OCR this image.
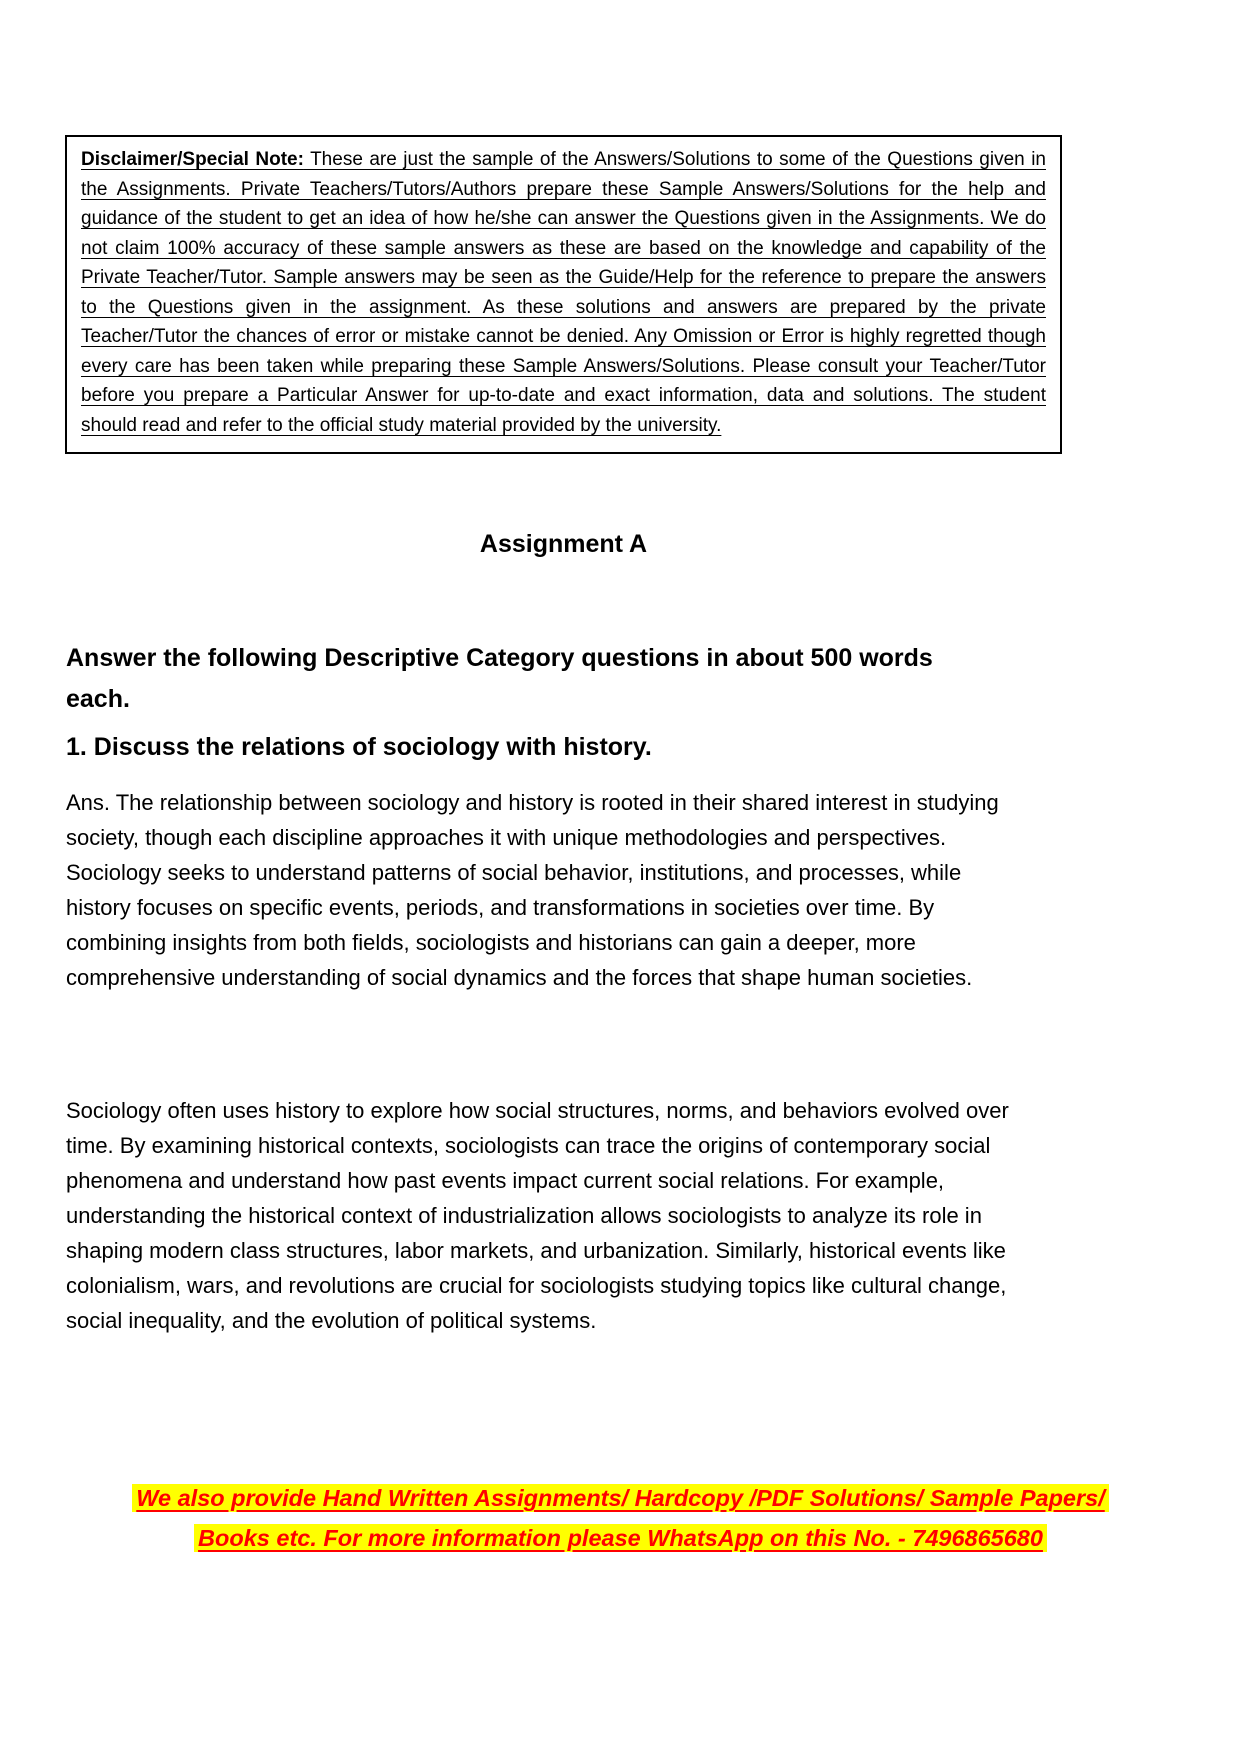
Disclaimer/Special Note: These are just the sample of the Answers/Solutions to some of the Questions given in the Assignments. Private Teachers/Tutors/Authors prepare these Sample Answers/Solutions for the help and guidance of the student to get an idea of how he/she can answer the Questions given in the Assignments. We do not claim 100% accuracy of these sample answers as these are based on the knowledge and capability of the Private Teacher/Tutor. Sample answers may be seen as the Guide/Help for the reference to prepare the answers to the Questions given in the assignment. As these solutions and answers are prepared by the private Teacher/Tutor the chances of error or mistake cannot be denied. Any Omission or Error is highly regretted though every care has been taken while preparing these Sample Answers/Solutions. Please consult your Teacher/Tutor before you prepare a Particular Answer for up-to-date and exact information, data and solutions. The student should read and refer to the official study material provided by the university.

Assignment A
Answer the following Descriptive Category questions in about 500 words each.
1. Discuss the relations of sociology with history.

Ans. The relationship between sociology and history is rooted in their shared interest in studying society, though each discipline approaches it with unique methodologies and perspectives. Sociology seeks to understand patterns of social behavior, institutions, and processes, while history focuses on specific events, periods, and transformations in societies over time. By combining insights from both fields, sociologists and historians can gain a deeper, more comprehensive understanding of social dynamics and the forces that shape human societies.

Sociology often uses history to explore how social structures, norms, and behaviors evolved over time. By examining historical contexts, sociologists can trace the origins of contemporary social phenomena and understand how past events impact current social relations. For example, understanding the historical context of industrialization allows sociologists to analyze its role in shaping modern class structures, labor markets, and urbanization. Similarly, historical events like colonialism, wars, and revolutions are crucial for sociologists studying topics like cultural change, social inequality, and the evolution of political systems.

We also provide Hand Written Assignments/ Hardcopy /PDF Solutions/ Sample Papers/
Books etc. For more information please WhatsApp on this No. - 7496865680
